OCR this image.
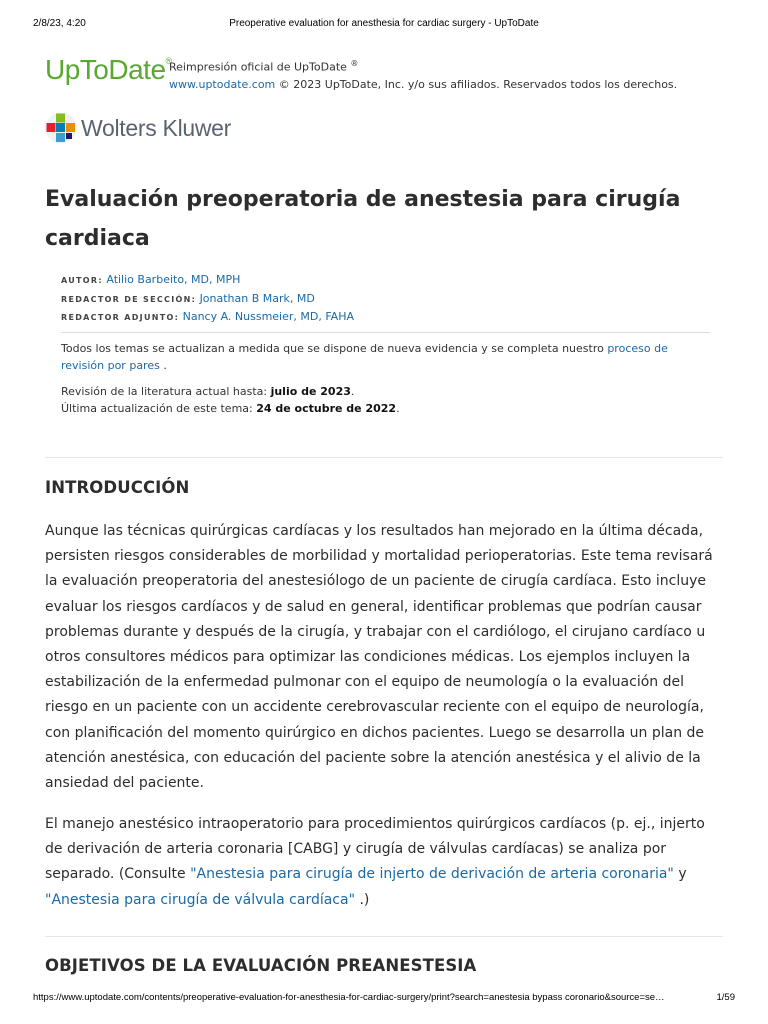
2/8/23, 4:20	Preoperative evaluation for anesthesia for cardiac surgery - UpToDate
UpToDate®
Reimpresión oficial de UpToDate ®
www.uptodate.com © 2023 UpToDate, Inc. y/o sus afiliados. Reservados todos los derechos.
Wolters Kluwer
Evaluación preoperatoria de anestesia para cirugía cardiaca
AUTOR: Atilio Barbeito, MD, MPH
REDACTOR DE SECCIÓN: Jonathan B Mark, MD
REDACTOR ADJUNTO: Nancy A. Nussmeier, MD, FAHA
Todos los temas se actualizan a medida que se dispone de nueva evidencia y se completa nuestro proceso de revisión por pares .
Revisión de la literatura actual hasta: julio de 2023.
Última actualización de este tema: 24 de octubre de 2022.
INTRODUCCIÓN

Aunque las técnicas quirúrgicas cardíacas y los resultados han mejorado en la última década, persisten riesgos considerables de morbilidad y mortalidad perioperatorias. Este tema revisará la evaluación preoperatoria del anestesiólogo de un paciente de cirugía cardíaca. Esto incluye evaluar los riesgos cardíacos y de salud en general, identificar problemas que podrían causar problemas durante y después de la cirugía, y trabajar con el cardiólogo, el cirujano cardíaco u otros consultores médicos para optimizar las condiciones médicas. Los ejemplos incluyen la estabilización de la enfermedad pulmonar con el equipo de neumología o la evaluación del riesgo en un paciente con un accidente cerebrovascular reciente con el equipo de neurología, con planificación del momento quirúrgico en dichos pacientes. Luego se desarrolla un plan de atención anestésica, con educación del paciente sobre la atención anestésica y el alivio de la ansiedad del paciente.

El manejo anestésico intraoperatorio para procedimientos quirúrgicos cardíacos (p. ej., injerto de derivación de arteria coronaria [CABG] y cirugía de válvulas cardíacas) se analiza por separado. (Consulte "Anestesia para cirugía de injerto de derivación de arteria coronaria" y "Anestesia para cirugía de válvula cardíaca" .)

OBJETIVOS DE LA EVALUACIÓN PREANESTESIA
https://www.uptodate.com/contents/preoperative-evaluation-for-anesthesia-for-cardiac-surgery/print?search=anestesia bypass coronario&source=se…	1/59
